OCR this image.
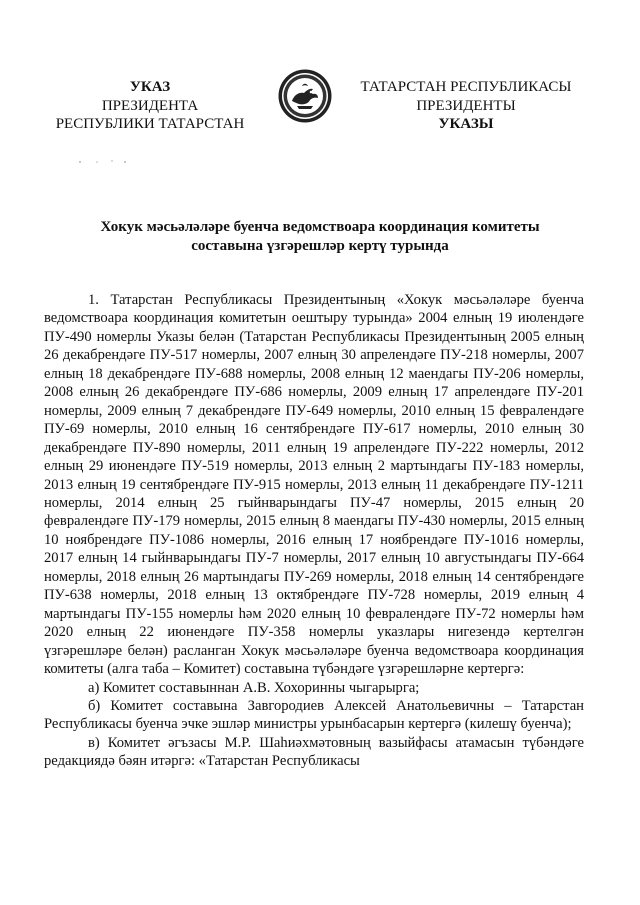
УКАЗ
ПРЕЗИДЕНТА
РЕСПУБЛИКИ ТАТАРСТАН
ТАТАРСТАН РЕСПУБЛИКАСЫ
ПРЕЗИДЕНТЫ
УКАЗЫ
Хокук мәсьәләләре буенча ведомствоара координация комитеты
составына үзгәрешләр кертү турында

1. Татарстан Республикасы Президентының «Хокук мәсьәләләре буенча ведомствоара координация комитетын оештыру турында» 2004 елның 19 июлендәге ПУ-490 номерлы Указы белән (Татарстан Республикасы Президентының 2005 елның 26 декабрендәге ПУ-517 номерлы, 2007 елның 30 апрелендәге ПУ-218 номерлы, 2007 елның 18 декабрендәге ПУ-688 номерлы, 2008 елның 12 маендагы ПУ-206 номерлы, 2008 елның 26 декабрендәге ПУ-686 номерлы, 2009 елның 17 апрелендәге ПУ-201 номерлы, 2009 елның 7 декабрендәге ПУ-649 номерлы, 2010 елның 15 февралендәге ПУ-69 номерлы, 2010 елның 16 сентябрендәге ПУ-617 номерлы, 2010 елның 30 декабрендәге ПУ-890 номерлы, 2011 елның 19 апрелендәге ПУ-222 номерлы, 2012 елның 29 июнендәге ПУ-519 номерлы, 2013 елның 2 мартындагы ПУ-183 номерлы, 2013 елның 19 сентябрендәге ПУ-915 номерлы, 2013 елның 11 декабрендәге ПУ-1211 номерлы, 2014 елның 25 гыйнварындагы ПУ-47 номерлы, 2015 елның 20 февралендәге ПУ-179 номерлы, 2015 елның 8 маендагы ПУ-430 номерлы, 2015 елның 10 ноябрендәге ПУ-1086 номерлы, 2016 елның 17 ноябрендәге ПУ-1016 номерлы, 2017 елның 14 гыйнварындагы ПУ-7 номерлы, 2017 елның 10 августындагы ПУ-664 номерлы, 2018 елның 26 мартындагы ПУ-269 номерлы, 2018 елның 14 сентябрендәге ПУ-638 номерлы, 2018 елның 13 октябрендәге ПУ-728 номерлы, 2019 елның 4 мартындагы ПУ-155 номерлы һәм 2020 елның 10 февралендәге ПУ-72 номерлы һәм 2020 елның 22 июнендәге ПУ-358 номерлы указлары нигезендә кертелгән үзгәрешләре белән) расланган Хокук мәсьәләләре буенча ведомствоара координация комитеты (алга таба – Комитет) составына түбәндәге үзгәрешләрне кертергә:

а) Комитет составыннан А.В. Хохоринны чыгарырга;

б) Комитет составына Завгородиев Алексей Анатольевичны – Татарстан Республикасы буенча эчке эшләр министры урынбасарын кертергә (килешү буенча);

в) Комитет әгъзасы М.Р. Шаһиәхмәтовның вазыйфасы атамасын түбәндәге редакциядә бәян итәргә: «Татарстан Республикасы
